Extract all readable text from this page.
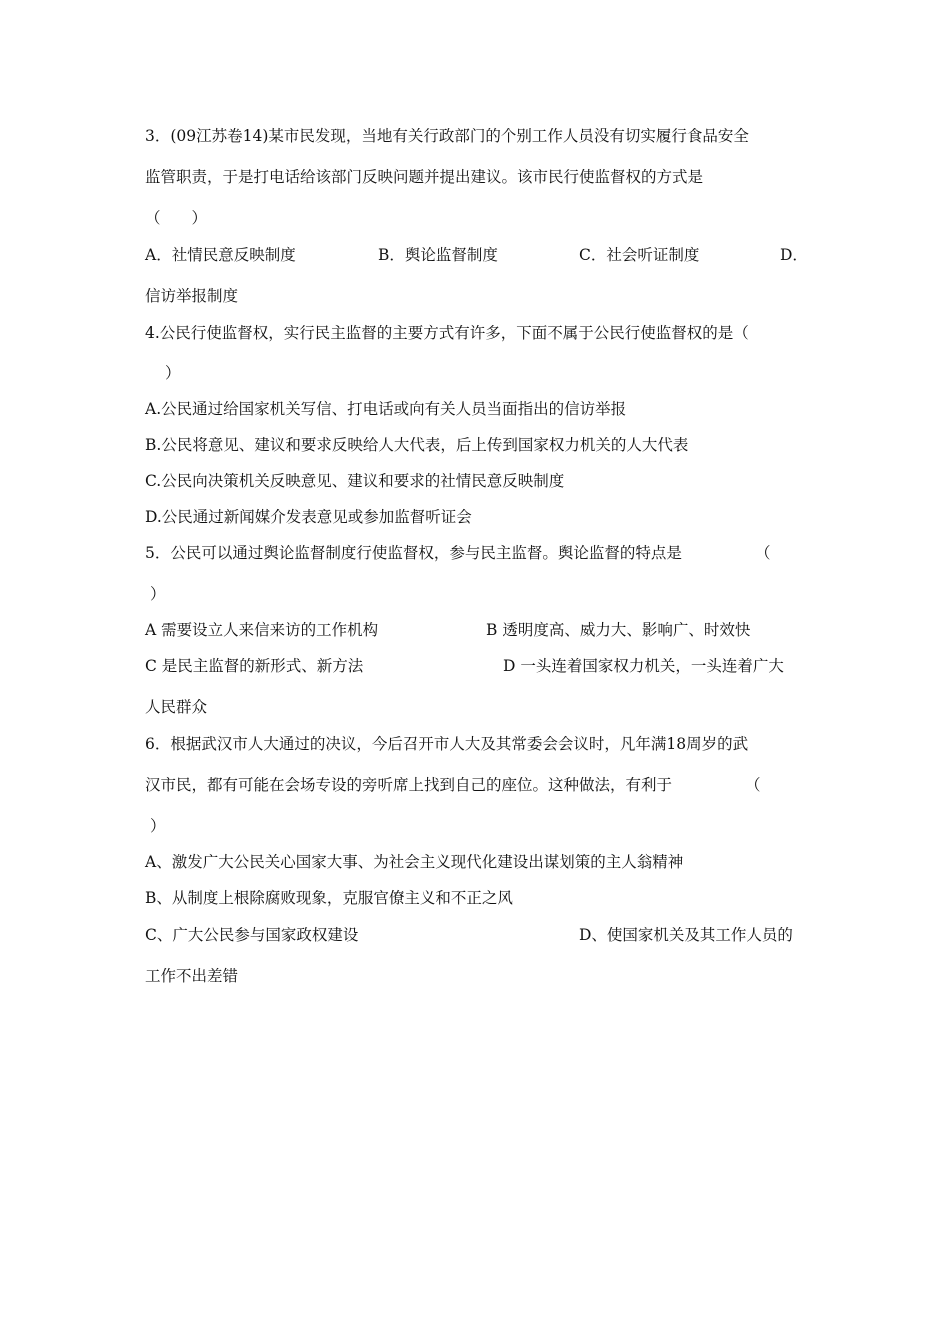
3．(09江苏卷14)某市民发现，当地有关行政部门的个别工作人员没有切实履行食品安全
监管职责，于是打电话给该部门反映问题并提出建议。该市民行使监督权的方式是
（　　）
A．社情民意反映制度	B．舆论监督制度	C．社会听证制度	D．
信访举报制度
4.公民行使监督权，实行民主监督的主要方式有许多，下面不属于公民行使监督权的是（
）
A.公民通过给国家机关写信、打电话或向有关人员当面指出的信访举报
B.公民将意见、建议和要求反映给人大代表，后上传到国家权力机关的人大代表
C.公民向决策机关反映意见、建议和要求的社情民意反映制度
D.公民通过新闻媒介发表意见或参加监督听证会
5．公民可以通过舆论监督制度行使监督权，参与民主监督。舆论监督的特点是	（
）
A 需要设立人来信来访的工作机构	B 透明度高、威力大、影响广、时效快
C 是民主监督的新形式、新方法	D 一头连着国家权力机关，一头连着广大
人民群众
6．根据武汉市人大通过的决议，今后召开市人大及其常委会会议时，凡年满18周岁的武
汉市民，都有可能在会场专设的旁听席上找到自己的座位。这种做法，有利于	（
）
A、激发广大公民关心国家大事、为社会主义现代化建设出谋划策的主人翁精神
B、从制度上根除腐败现象，克服官僚主义和不正之风
C、广大公民参与国家政权建设	D、使国家机关及其工作人员的
工作不出差错
